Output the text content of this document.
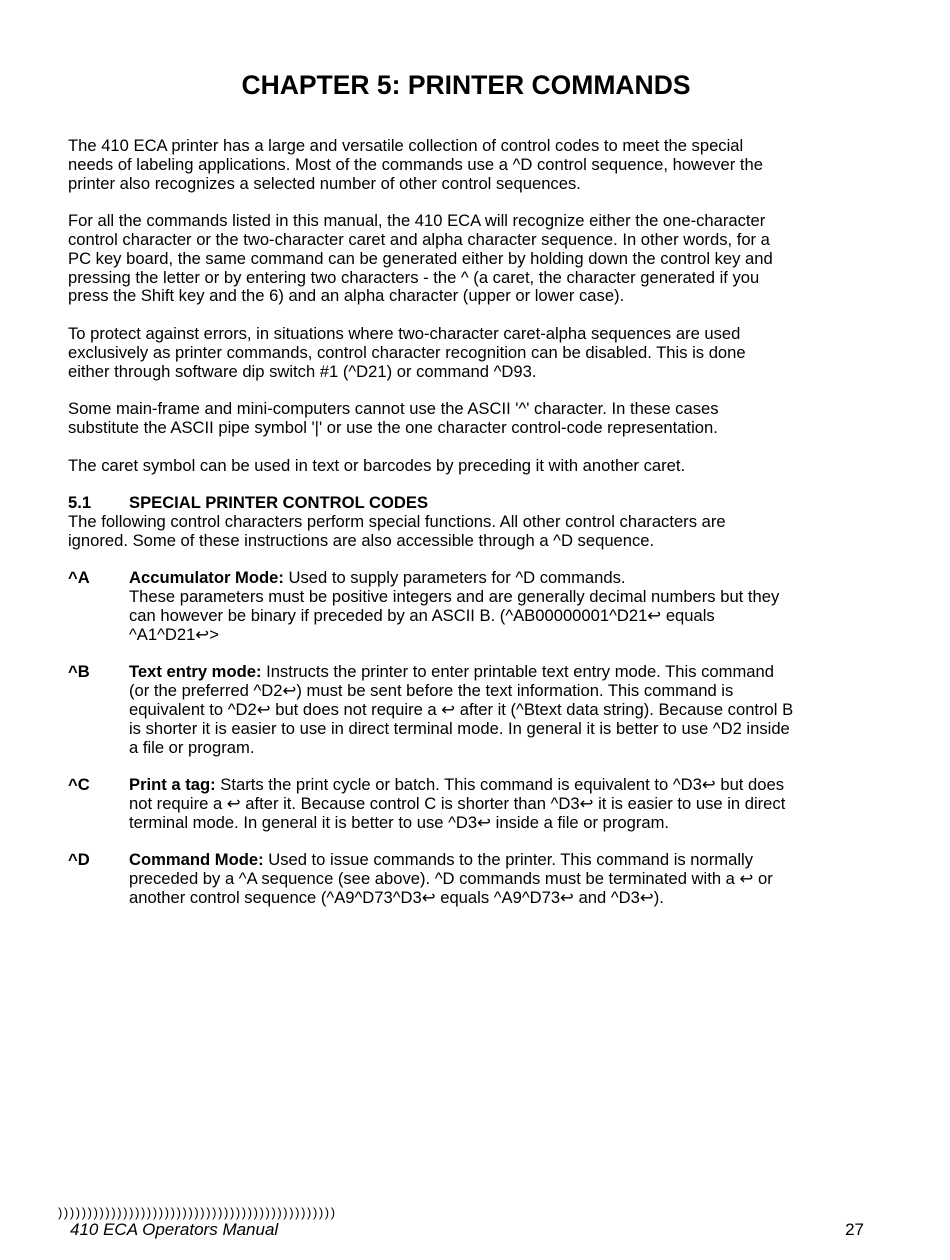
CHAPTER 5: PRINTER COMMANDS

The 410 ECA printer has a large and versatile collection of control codes to meet the special
needs of labeling applications. Most of the commands use a ^D control sequence, however the
printer also recognizes a selected number of other control sequences.

For all the commands listed in this manual, the 410 ECA will recognize either the one-character
control character or the two-character caret and alpha character sequence. In other words, for a
PC key board, the same command can be generated either by holding down the control key and
pressing the letter or by entering two characters - the ^ (a caret, the character generated if you
press the Shift key and the 6) and an alpha character (upper or lower case).

To protect against errors, in situations where two-character caret-alpha sequences are used
exclusively as printer commands, control character recognition can be disabled. This is done
either through software dip switch #1 (^D21) or command ^D93.

Some main-frame and mini-computers cannot use the ASCII '^' character. In these cases
substitute the ASCII pipe symbol '|' or use the one character control-code representation.

The caret symbol can be used in text or barcodes by preceding it with another caret.

5.1	SPECIAL PRINTER CONTROL CODES

The following control characters perform special functions. All other control characters are
ignored. Some of these instructions are also accessible through a ^D sequence.

^A	Accumulator Mode: Used to supply parameters for ^D commands.
These parameters must be positive integers and are generally decimal numbers but they
can however be binary if preceded by an ASCII B. (^AB00000001^D21↩ equals
^A1^D21↩>
^B	Text entry mode: Instructs the printer to enter printable text entry mode. This command
(or the preferred ^D2↩) must be sent before the text information. This command is
equivalent to ^D2↩ but does not require a ↩ after it (^Btext data string). Because control B
is shorter it is easier to use in direct terminal mode. In general it is better to use ^D2 inside
a file or program.
^C	Print a tag: Starts the print cycle or batch. This command is equivalent to ^D3↩ but does
not require a ↩ after it. Because control C is shorter than ^D3↩ it is easier to use in direct
terminal mode. In general it is better to use ^D3↩ inside a file or program.
^D	Command Mode: Used to issue commands to the printer. This command is normally
preceded by a ^A sequence (see above). ^D commands must be terminated with a ↩ or
another control sequence (^A9^D73^D3↩ equals ^A9^D73↩ and ^D3↩).
)))))))))))))))))))))))))))))))))))))))))))))))
410 ECA Operators Manual	27
